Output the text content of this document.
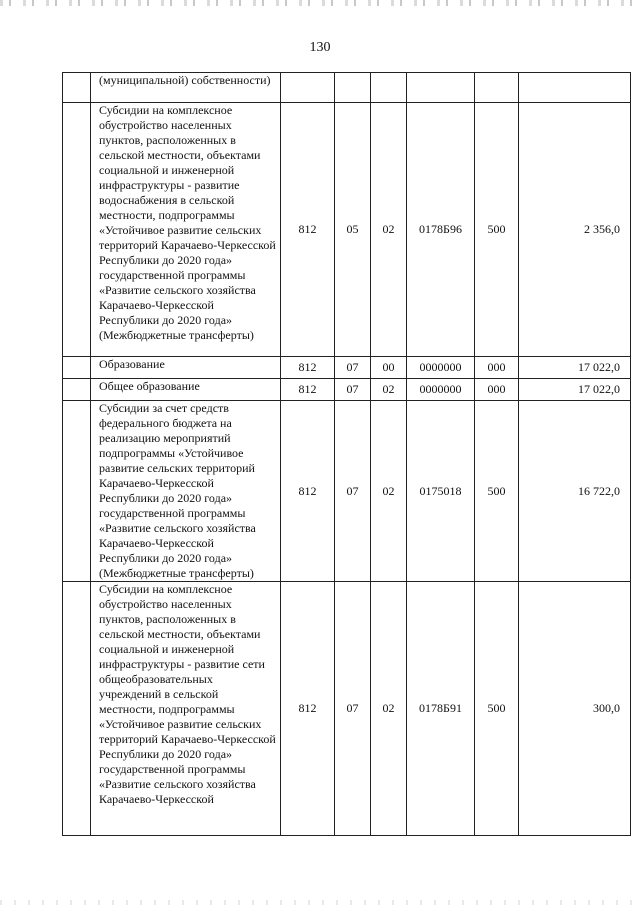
130
	(муниципальной) собственности)						
	Субсидии на комплексное обустройство населенных пунктов, расположенных в сельской местности, объектами социальной и инженерной инфраструктуры - развитие водоснабжения в сельской местности, подпрограммы «Устойчивое развитие сельских территорий Карачаево-Черкесской Республики до 2020 года» государственной программы «Развитие сельского хозяйства Карачаево-Черкесской Республики до 2020 года» (Межбюджетные трансферты)	812	05	02	0178Б96	500	2 356,0
	Образование	812	07	00	0000000	000	17 022,0
	Общее образование	812	07	02	0000000	000	17 022,0
	Субсидии за счет средств федерального бюджета на реализацию мероприятий подпрограммы «Устойчивое развитие сельских территорий Карачаево-Черкесской Республики до 2020 года» государственной программы «Развитие сельского хозяйства Карачаево-Черкесской Республики до 2020 года» (Межбюджетные трансферты)	812	07	02	0175018	500	16 722,0
	Субсидии на комплексное обустройство населенных пунктов, расположенных в сельской местности, объектами социальной и инженерной инфраструктуры - развитие сети общеобразовательных учреждений в сельской местности, подпрограммы «Устойчивое развитие сельских территорий Карачаево-Черкесской Республики до 2020 года» государственной программы «Развитие сельского хозяйства Карачаево-Черкесской	812	07	02	0178Б91	500	300,0
